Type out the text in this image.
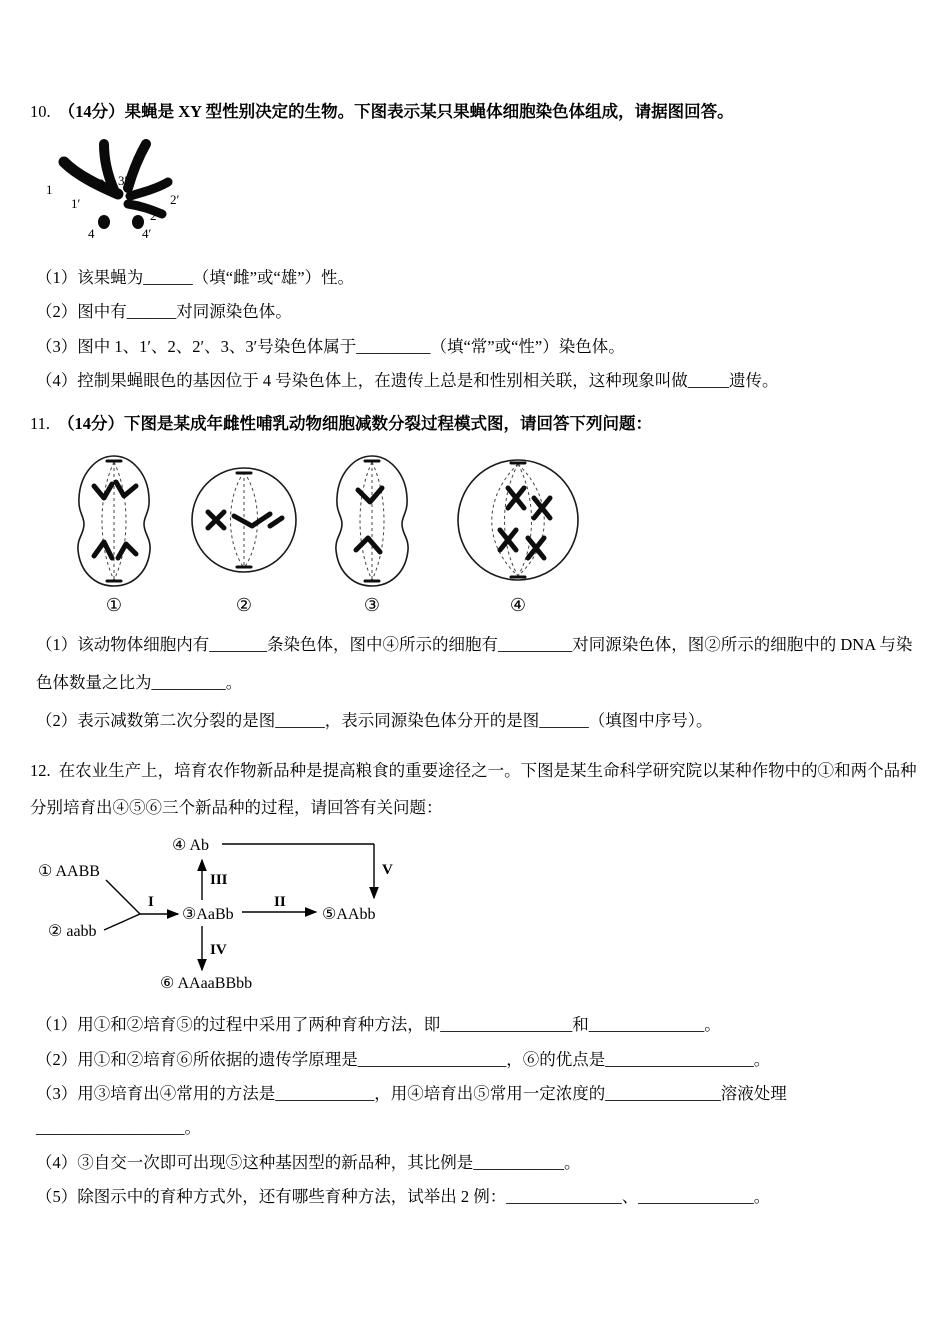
10. （14分）果蝇是 XY 型性别决定的生物。下图表示某只果蝇体细胞染色体组成，请据图回答。

1
1′
3 3′
2
2′
4	4′

（1）该果蝇为______（填“雌”或“雄”）性。

（2）图中有______对同源染色体。

（3）图中 1、1′、2、2′、3、3′号染色体属于_________（填“常”或“性”）染色体。

（4）控制果蝇眼色的基因位于 4 号染色体上，在遗传上总是和性别相关联，这种现象叫做_____遗传。

11. （14分）下图是某成年雌性哺乳动物细胞减数分裂过程模式图，请回答下列问题：

①	②	③	④

（1）该动物体细胞内有_______条染色体，图中④所示的细胞有_________对同源染色体，图②所示的细胞中的 DNA 与染色体数量之比为_________。

（2）表示减数第二次分裂的是图______，表示同源染色体分开的是图______（填图中序号）。

12. 在农业生产上，培育农作物新品种是提高粮食的重要途径之一。下图是某生命科学研究院以某种作物中的①和两个品种分别培育出④⑤⑥三个新品种的过程，请回答有关问题：

④ Ab
① AABB
③AaBb	⑤AAbb
② aabb
⑥ AAaaBBbb
I	II
III
IV
V

（1）用①和②培育⑤的过程中采用了两种育种方法，即________________和______________。

（2）用①和②培育⑥所依据的遗传学原理是__________________，⑥的优点是__________________。

（3）用③培育出④常用的方法是____________，用④培育出⑤常用一定浓度的______________溶液处理__________________。

（4）③自交一次即可出现⑤这种基因型的新品种，其比例是___________。

（5）除图示中的育种方式外，还有哪些育种方法，试举出 2 例：______________、______________。
